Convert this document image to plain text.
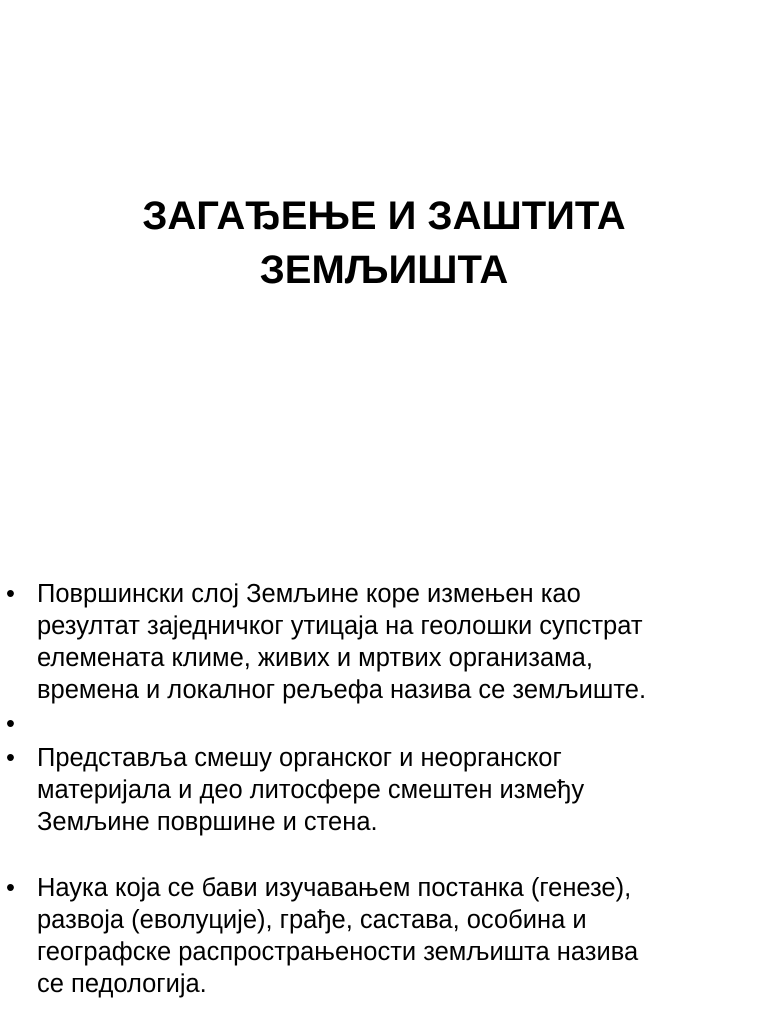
ЗАГАЂЕЊЕ И ЗАШТИТА
ЗЕМЉИШТА
• Површински слој Земљине коре измењен као
резултат заједничког утицаја на геолошки супстрат
елемената климе, живих и мртвих организама,
времена и локалног рељефа назива се земљиште.
•

• Представља смешу органског и неорганског
материјала и део литосфере смештен између
Земљине површине и стена.
• Наука која се бави изучавањем постанка (генезе),
развоја (еволуције), грађе, састава, особина и
географске распрострањености земљишта назива
се педологија.
